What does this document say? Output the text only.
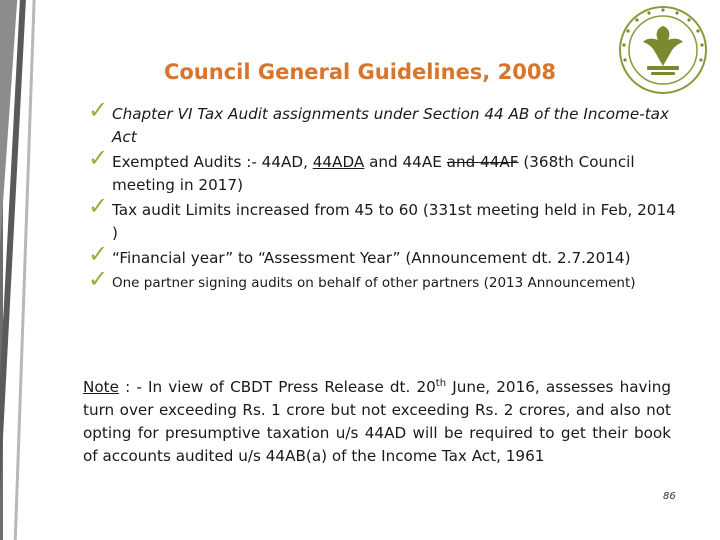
Council General Guidelines, 2008
✓ Chapter VI Tax Audit assignments under Section 44 AB of the Income-tax Act
✓ Exempted Audits :- 44AD, 44ADA and 44AE and 44AF (368th Council meeting in 2017)
✓ Tax audit Limits increased from 45 to 60 (331st meeting held in Feb, 2014 )
✓ “Financial year” to “Assessment Year” (Announcement dt. 2.7.2014)
✓ One partner signing audits on behalf of other partners (2013 Announcement)

Note : - In view of CBDT Press Release dt. 20th June, 2016, assesses having turn over exceeding Rs. 1 crore but not exceeding Rs. 2 crores, and also not opting for presumptive taxation u/s 44AD will be required to get their book of accounts audited u/s 44AB(a) of the Income Tax Act, 1961

86
